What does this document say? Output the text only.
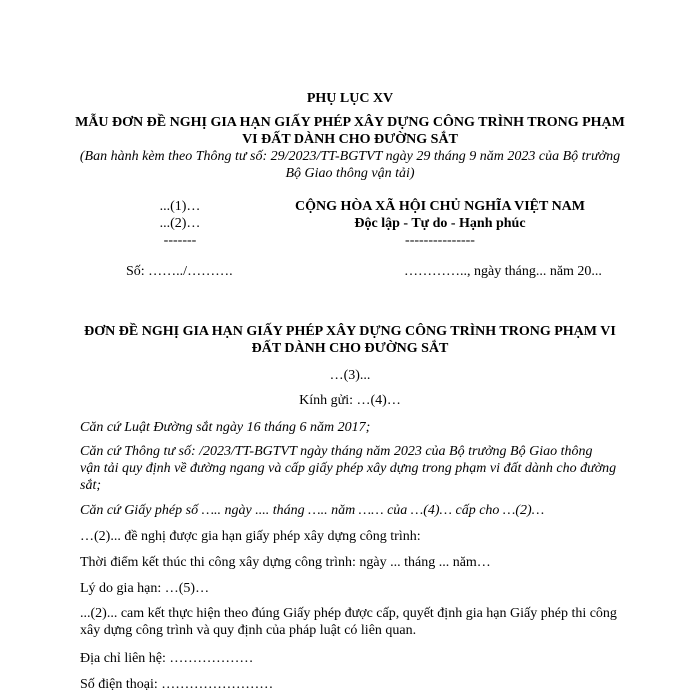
PHỤ LỤC XV
MẪU ĐƠN ĐỀ NGHỊ GIA HẠN GIẤY PHÉP XÂY DỰNG CÔNG TRÌNH TRONG PHẠM
VI ĐẤT DÀNH CHO ĐƯỜNG SẮT
(Ban hành kèm theo Thông tư số: 29/2023/TT-BGTVT ngày 29 tháng 9 năm 2023 của Bộ trưởng
Bộ Giao thông vận tải)
...(1)…
...(2)…
-------
CỘNG HÒA XÃ HỘI CHỦ NGHĨA VIỆT NAM
Độc lập - Tự do - Hạnh phúc
---------------
Số: ……../……….	………….., ngày tháng... năm 20...
ĐƠN ĐỀ NGHỊ GIA HẠN GIẤY PHÉP XÂY DỰNG CÔNG TRÌNH TRONG PHẠM VI
ĐẤT DÀNH CHO ĐƯỜNG SẮT
…(3)...
Kính gửi: …(4)…
Căn cứ Luật Đường sắt ngày 16 tháng 6 năm 2017;
Căn cứ Thông tư số: /2023/TT-BGTVT ngày tháng năm 2023 của Bộ trưởng Bộ Giao thông
vận tải quy định về đường ngang và cấp giấy phép xây dựng trong phạm vi đất dành cho đường
sắt;
Căn cứ Giấy phép số ….. ngày .... tháng ….. năm …… của …(4)… cấp cho …(2)…
…(2)... đề nghị được gia hạn giấy phép xây dựng công trình:
Thời điểm kết thúc thi công xây dựng công trình: ngày ... tháng ... năm…
Lý do gia hạn: …(5)…
...(2)... cam kết thực hiện theo đúng Giấy phép được cấp, quyết định gia hạn Giấy phép thi công
xây dựng công trình và quy định của pháp luật có liên quan.
Địa chỉ liên hệ: ………………
Số điện thoại: ……………………
